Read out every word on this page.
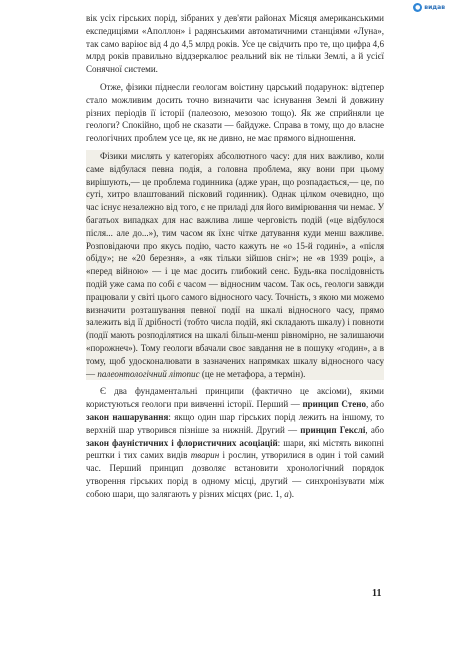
● видав

вік усіх гірських порід, зібраних у дев'яти районах Місяця американськими експедиціями «Аполлон» і радянськими автоматичними станціями «Луна», так само варіює від 4 до 4,5 млрд років. Усе це свідчить про те, що цифра 4,6 млрд років правильно віддзеркалює реальний вік не тільки Землі, а й усієї Сонячної системи.

Отже, фізики піднесли геологам воістину царський подарунок: відтепер стало можливим досить точно визначити час існування Землі й довжину різних періодів її історії (палеозою, мезозою тощо). Як же сприйняли це геологи? Спокійно, щоб не сказати — байдуже. Справа в тому, що до власне геологічних проблем усе це, як не дивно, не має прямого відношення.

Фізики мислять у категоріях абсолютного часу: для них важливо, коли саме відбулася певна подія, а головна проблема, яку вони при цьому вирішують,— це проблема годинника (адже уран, що розпадається,— це, по суті, хитро влаштований пісковий годинник). Однак цілком очевидно, що час існує незалежно від того, є не приладі для його вимірювання чи немає. У багатьох випадках для нас важлива лише черговість подій («це відбулося після... але до...»), тим часом як їхнє чітке датування куди менш важливе. Розповідаючи про якусь подію, часто кажуть не «о 15-й годині», а «після обіду»; не «20 березня», а «як тільки зійшов сніг»; не «в 1939 році», а «перед війною» — і це має досить глибокий сенс. Будь-яка послідовність подій уже сама по собі є часом — відносним часом. Так ось, геологи завжди працювали у світі цього самого відносного часу. Точність, з якою ми можемо визначити розташування певної події на шкалі відносного часу, прямо залежить від її дрібності (тобто числа подій, які складають шкалу) і повноти (події мають розподілятися на шкалі більш-менш рівномірно, не залишаючи «порожнеч»). Тому геологи вбачали своє завдання не в пошуку «годин», а в тому, щоб удосконалювати в зазначених напрямках шкалу відносного часу — палеонтологічний літопис (це не метафора, а термін).

Є два фундаментальні принципи (фактично це аксіоми), якими користуються геологи при вивченні історії. Перший — принцип Стено, або закон нашарування: якщо один шар гірських порід лежить на іншому, то верхній шар утворився пізніше за нижній. Другий — принцип Гекслі, або закон фауністичних і флористичних асоціацій: шари, які містять викопні рештки і тих самих видів тварин і рослин, утворилися в один і той самий час. Перший принцип дозволяє встановити хронологічний порядок утворення гірських порід в одному місці, другий — синхронізувати між собою шари, що залягають у різних місцях (рис. 1, а).

11
